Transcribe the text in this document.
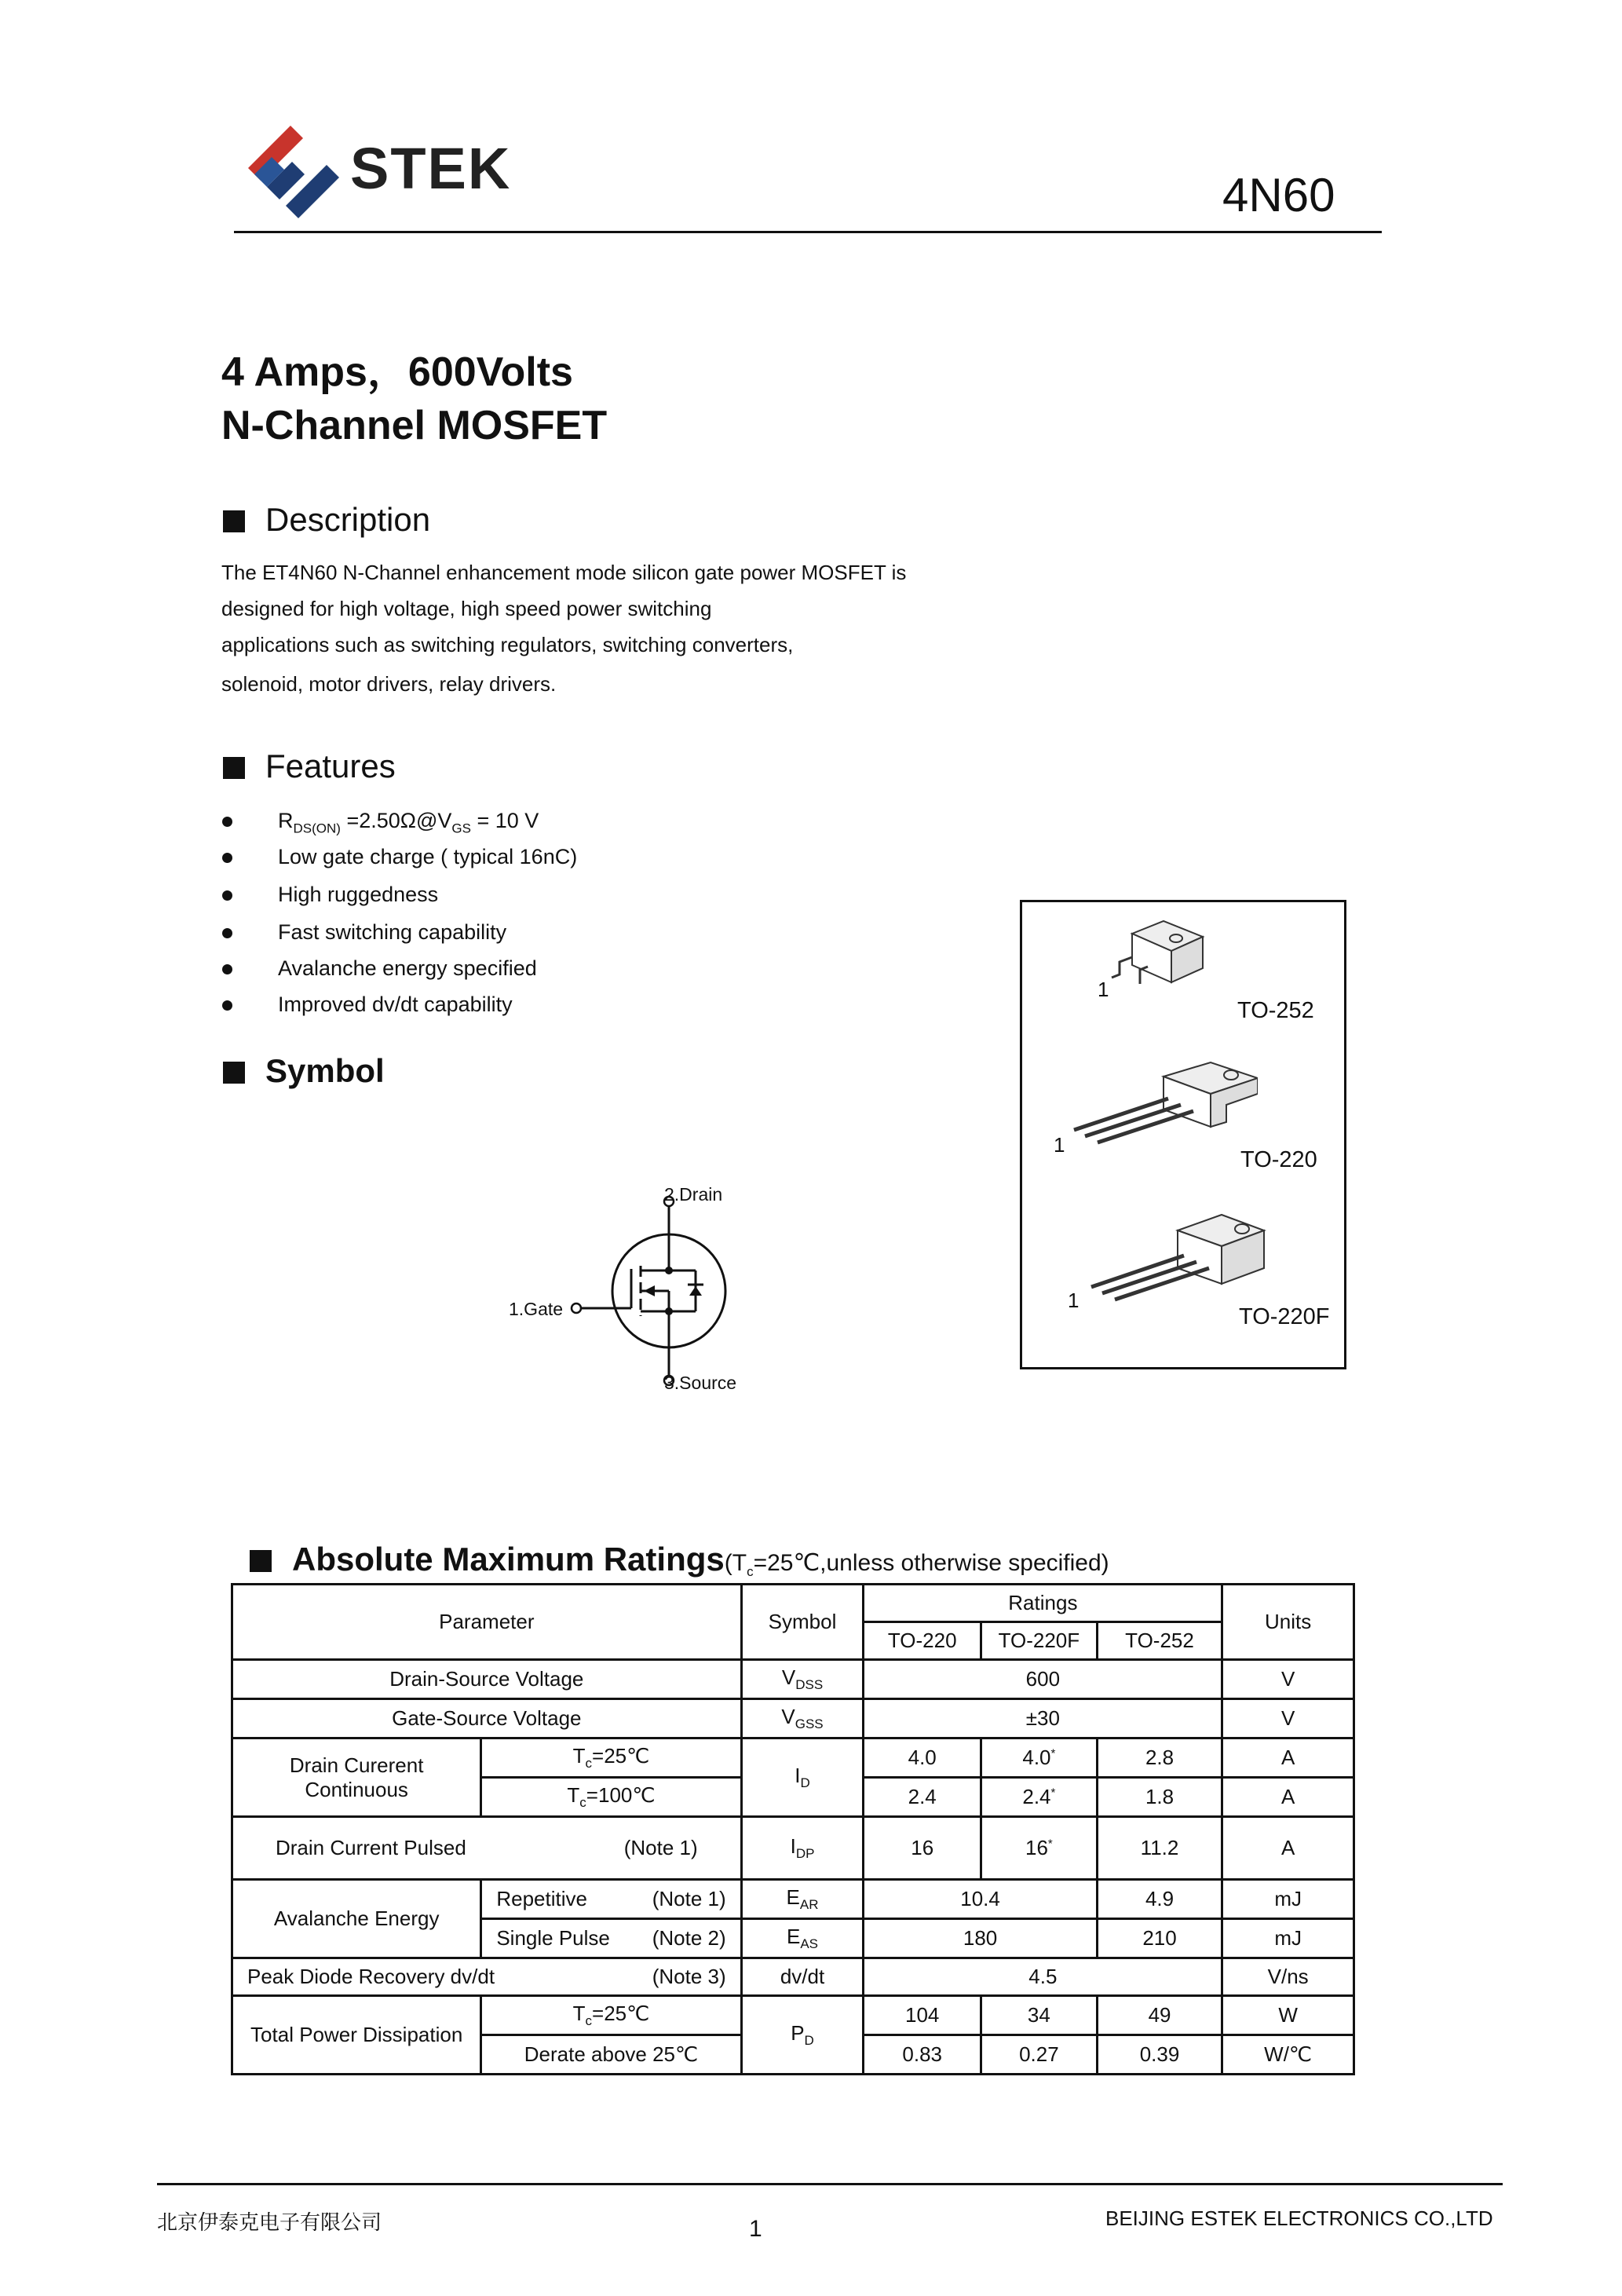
STEK	4N60
4 Amps，600Volts
N-Channel MOSFET
Description
The ET4N60 N-Channel enhancement mode silicon gate power MOSFET is
designed for high voltage, high speed power switching
applications such as switching regulators, switching converters,
solenoid, motor drivers, relay drivers.
Features
$R_{DS(ON)}$ $=2.50\Omega@V_{GS} = 10$ V
Low gate charge ( typical 16nC)
High ruggedness
Fast switching capability
Avalanche energy specified
Improved dv/dt capability
Symbol
2.Drain
1.Gate
3.Source
1
TO-252
1
TO-220
1
TO-220F
Absolute Maximum $Ratings(T_c=25℃,unless$ otherwise specified)
Parameter		Symbol	Ratings			Units
			TO-220	TO-220F	TO-252	
Drain-Source Voltage		$V_{DSS}$	600			V
Gate-Source Voltage		$V_{GSS}$	±30			V

Drain Curerent
Continuous	$T_c=25℃$	$I_D$	4.0	4.0*	2.8	A
	$T_c=100℃$		2.4	2.4*	1.8	A
Drain Current Pulsed (Note 1)		$I_{DP}$	16	16*	11.2	A
Avalanche Energy	Repetitive (Note 1)	$E_{AR}$	10.4		4.9	mJ
	Single Pulse (Note 2)	$E_{AS}$	180		210	mJ
Peak Diode Recovery dv/dt (Note 3)		dv/dt	4.5			V/ns
Total Power Dissipation	$T_c=25℃$	$P_D$	104	34	49	W
	Derate above 25℃		0.83	0.27	0.39	W/℃
北京伊泰克电子有限公司	1	BEIJING ESTEK ELECTRONICS CO.,LTD
